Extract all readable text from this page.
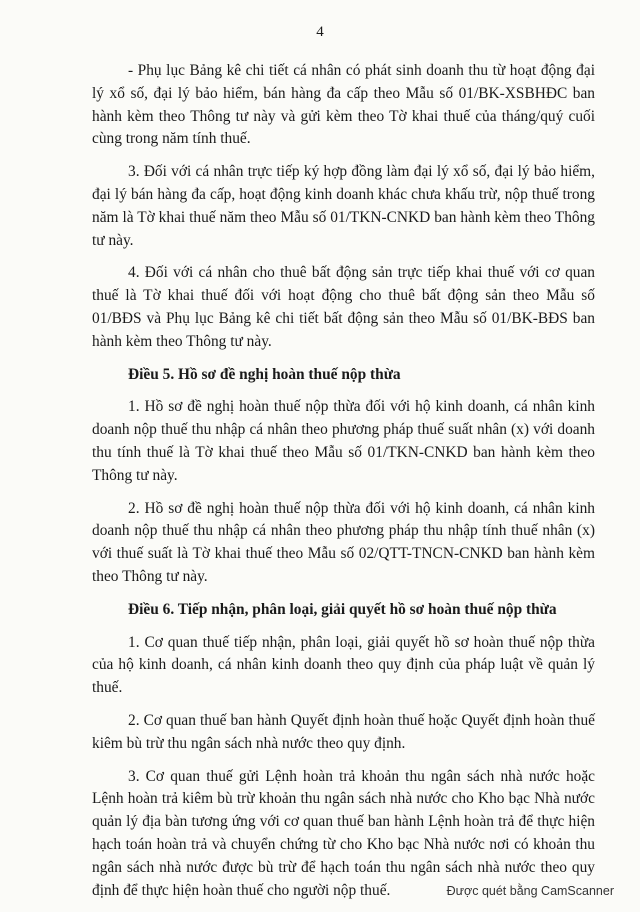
4

- Phụ lục Bảng kê chi tiết cá nhân có phát sinh doanh thu từ hoạt động đại lý xổ số, đại lý bảo hiểm, bán hàng đa cấp theo Mẫu số 01/BK-XSBHĐC ban hành kèm theo Thông tư này và gửi kèm theo Tờ khai thuế của tháng/quý cuối cùng trong năm tính thuế.

3. Đối với cá nhân trực tiếp ký hợp đồng làm đại lý xổ số, đại lý bảo hiểm, đại lý bán hàng đa cấp, hoạt động kinh doanh khác chưa khấu trừ, nộp thuế trong năm là Tờ khai thuế năm theo Mẫu số 01/TKN-CNKD ban hành kèm theo Thông tư này.

4. Đối với cá nhân cho thuê bất động sản trực tiếp khai thuế với cơ quan thuế là Tờ khai thuế đối với hoạt động cho thuê bất động sản theo Mẫu số 01/BĐS và Phụ lục Bảng kê chi tiết bất động sản theo Mẫu số 01/BK-BĐS ban hành kèm theo Thông tư này.

Điều 5. Hồ sơ đề nghị hoàn thuế nộp thừa

1. Hồ sơ đề nghị hoàn thuế nộp thừa đối với hộ kinh doanh, cá nhân kinh doanh nộp thuế thu nhập cá nhân theo phương pháp thuế suất nhân (x) với doanh thu tính thuế là Tờ khai thuế theo Mẫu số 01/TKN-CNKD ban hành kèm theo Thông tư này.

2. Hồ sơ đề nghị hoàn thuế nộp thừa đối với hộ kinh doanh, cá nhân kinh doanh nộp thuế thu nhập cá nhân theo phương pháp thu nhập tính thuế nhân (x) với thuế suất là Tờ khai thuế theo Mẫu số 02/QTT-TNCN-CNKD ban hành kèm theo Thông tư này.

Điều 6. Tiếp nhận, phân loại, giải quyết hồ sơ hoàn thuế nộp thừa

1. Cơ quan thuế tiếp nhận, phân loại, giải quyết hồ sơ hoàn thuế nộp thừa của hộ kinh doanh, cá nhân kinh doanh theo quy định của pháp luật về quản lý thuế.

2. Cơ quan thuế ban hành Quyết định hoàn thuế hoặc Quyết định hoàn thuế kiêm bù trừ thu ngân sách nhà nước theo quy định.

3. Cơ quan thuế gửi Lệnh hoàn trả khoản thu ngân sách nhà nước hoặc Lệnh hoàn trả kiêm bù trừ khoản thu ngân sách nhà nước cho Kho bạc Nhà nước quản lý địa bàn tương ứng với cơ quan thuế ban hành Lệnh hoàn trả để thực hiện hạch toán hoàn trả và chuyển chứng từ cho Kho bạc Nhà nước nơi có khoản thu ngân sách nhà nước được bù trừ để hạch toán thu ngân sách nhà nước theo quy định để thực hiện hoàn thuế cho người nộp thuế.	Được quét bằng CamScanner
